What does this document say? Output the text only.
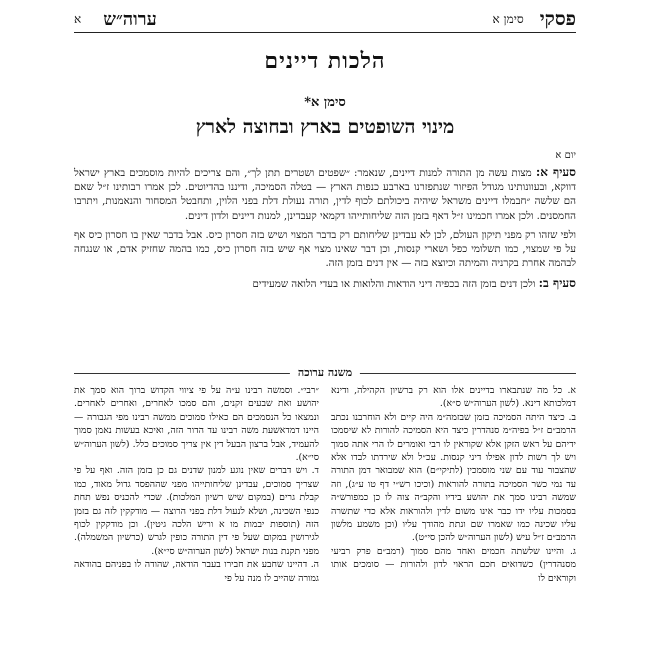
פסקי
סימן א
ערוה״ש
א
הלכות דיינים
סימן א*
מינוי השופטים בארץ ובחוצה לארץ
יום א

סעיף א: מצות עשה מן התורה למנות דיינים, שנאמר: ״שפטים ושטרים תתן לך״, והם צריכים להיות מוסמכים בארץ ישראל דווקא, ובעוונותינו מגודל הפיזור שנתפזרנו בארבע כנפות הארץ — בטלה הסמיכה, ודיננו בהדיוטים. לכן אמרו רבותינו ז״ל שאם הם שלשה ״חבמלו דיינים משראל שיהיה ביכולתם לכוף לדין, תורה נעולת דלת בפני הלוין, ותחבטל המסחור והנאמנות, ויתרבו החמסנים. ולכן אמרו חכמינו ז״ל דאף בזמן הזה שליחותייהו דקמאי קעבדינן, למנות דיינים ולדון דינים.

ולפי שזהו רק מפני תיקון העולם, לכן לא עבדינן שליחותם רק בדבר המצוי ושיש בזה חסרון כיס. אבל בדבר שאין בו חסרון כיס אף על פי שמצוי, כמו תשלומי כפל ושארי קנסות, וכן דבר שאינו מצוי אף שיש בזה חסרון כיס, כמו בהמה שחזיק אדם, או שנגחה לבהמה אחרת בקרניה והמיתה וכיוצא בזה — אין דנים בזמן הזה.

סעיף ב: ולכן דנים בזמן הזה בכפיה דיני הודאות והלואות או בעדי הלואה שמעידים

משנה ערוכה

א. כל מה שנתבארו בדיינים אלו הוא רק ברשיון הקהילה, ודינא דמלכותא דינא. (לשון הערוה״ש ס״א).

ב. כיצד היתה הסמיכה בזמן שבזמה״מ היה קיים ולא הוחרבנו נכתב הרמב״ם ז״ל בפיה״מ סנהדרין כיצד היא הסמיכה להורות לא שיסמכו ידיהם על ראש הזקן אלא שקוראין לו רבי ואומרים לו הרי אתה סמוך ויש לך רשות לדון אפילו דיני קנסות. עכ״ל ולא שירדתו לבדו אלא שהצבור עוד עם שני מוסמכין (לתיקי״ם) הוא שמבואר דמן התורה עד נמי כשר הסמיכה בתורה להוראות (וכיכו רש״י דף טו ע״ג), וזה שמשה רבינו סמך את יהושע בידיו והקב״ה צוה לו כן כמפורש״ה בסמכות עליו ידו כבר אינו משום לדין ולהוראות אלא כדי שתשרה עליו שכינה כמו שאמרו שם ונתת מהודך עליו (וכן משמע מלשון הרמב״ם ז״ל עיש (לשון הערוה״ש להכן סי״ט).

ג. והיינו שלשתה חכמים ואחד מהם סמוך (רמב״ם פרק רביעי מסנהדרין) כשדואים חכם הראוי לדון ולהורות — סומכים אותו וקוראים לו

״רבי״. וסמשה רבינו ע״ה על פי ציווי הקדוש ברוך הוא סמך את יהושע ואת שבעים זקנים, והם סמכו לאחרים, ואחרים לאחרים. ונמצאו כל הנסמכים הם כאילו סמוכים ממשה רבינו מפי הגבורה — היינו דמדאשעת משה רבינו עד הדור הזה, ואיכא בעשות נאמן סמוך להעמיד, אבל ברצון הבעל דין אין צריך סמוכים כלל. (לשון הערוה״ש סי״א).

ד. ויש דברים שאין נוגע למנון שדנים גם כן בזמן הזה. ואף על פי שצריך סמוכים, עבדינן שליחותייהו מפני שההפסד גדול מאוד, כמו קבלת גרים (במקום שיש רשיון המלכות). שכדי להכניס נפש תחת כנפי השכינה, ושלא לנעול דלת בפני הרוצה — מודקקין לזה גם בזמן הזה (תוספות יבמות מו א וריש הלכה גיטין). וכן מודקקין לכוף לגירושין במקום שעל פי דין התורה כופין לגרש (כרשיון המשמלה). מפני תקנת בנות ישראל (לשון הערוה״ש סי״א).

ה. דהיינו שחבע את חבירו בעבר הודאה, שהודה לו בפניהם בהודאה גמורה שהייב לו מנה על פי
